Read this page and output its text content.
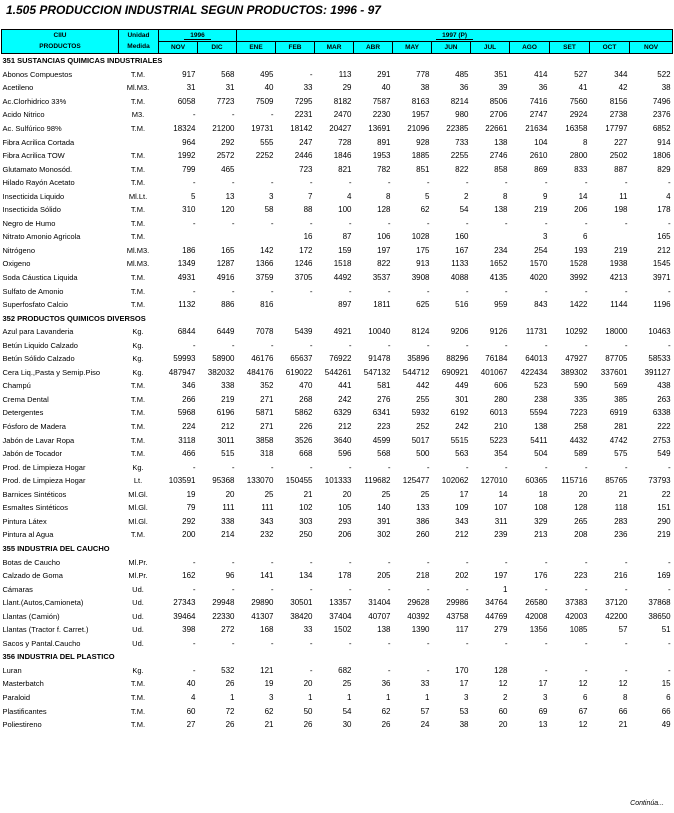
1.505 PRODUCCION INDUSTRIAL SEGUN PRODUCTOS: 1996 - 97
CIIU	Unidad	1996		1997 (P)										
PRODUCTOS	Medida	NOV	DIC	ENE	FEB	MAR	ABR	MAY	JUN	JUL	AGO	SET	OCT	NOV
351 SUSTANCIAS QUIMICAS INDUSTRIALES														
Abonos Compuestos	T.M.	917	568	495	-	113	291	778	485	351	414	527	344	522
Acetileno	Ml.M3.	31	31	40	33	29	40	38	36	39	36	41	42	38
Ac.Clorhidrico 33%	T.M.	6058	7723	7509	7295	8182	7587	8163	8214	8506	7416	7560	8156	7496
Acido Nitrico	M3.	-	-	-	2231	2470	2230	1957	980	2706	2747	2924	2738	2376
Ac. Sulfúrico 98%	T.M.	18324	21200	19731	18142	20427	13691	21096	22385	22661	21634	16358	17797	6852
Fibra Acrilica Cortada		964	292	555	247	728	891	928	733	138	104	8	227	914
Fibra Acrilica TOW	T.M.	1992	2572	2252	2446	1846	1953	1885	2255	2746	2610	2800	2502	1806
Glutamato Monosód.	T.M.	799	465		723	821	782	851	822	858	869	833	887	829
Hilado Rayón Acetato	T.M.	-	-	-	-	-	-	-	-	-	-	-	-	-
Insecticida Liquido	Ml.Lt.	5	13	3	7	4	8	5	2	8	9	14	11	4
Insecticida Sólido	T.M.	310	120	58	88	100	128	62	54	138	219	206	198	178
Negro de Humo	T.M.	-	-	-	-	-	-	-	-	-	-	-	-	-
Nitrato Amonio Agricola	T.M.				16	87	106	1028	160		3	6		165
Nitrógeno	Ml.M3.	186	165	142	172	159	197	175	167	234	254	193	219	212
Oxigeno	Ml.M3.	1349	1287	1366	1246	1518	822	913	1133	1652	1570	1528	1938	1545
Soda Cáustica Liquida	T.M.	4931	4916	3759	3705	4492	3537	3908	4088	4135	4020	3992	4213	3971
Sulfato de Amonio	T.M.	-	-	-	-	-	-	-	-	-	-	-	-	-
Superfosfato Calcio	T.M.	1132	886	816		897	1811	625	516	959	843	1422	1144	1196
352 PRODUCTOS QUIMICOS DIVERSOS														
Azul para Lavanderia	Kg.	6844	6449	7078	5439	4921	10040	8124	9206	9126	11731	10292	18000	10463
Betún Liquido Calzado	Kg.	-	-	-	-	-	-	-	-	-	-	-	-	-
Betún Sólido Calzado	Kg.	59993	58900	46176	65637	76922	91478	35896	88296	76184	64013	47927	87705	58533
Cera Liq.,Pasta y Semip.Piso	Kg.	487947	382032	484176	619022	544261	547132	544712	690921	401067	422434	389302	337601	391127
Champú	T.M.	346	338	352	470	441	581	442	449	606	523	590	569	438
Crema Dental	T.M.	266	219	271	268	242	276	255	301	280	238	335	385	263
Detergentes	T.M.	5968	6196	5871	5862	6329	6341	5932	6192	6013	5594	7223	6919	6338
Fósforo de Madera	T.M.	224	212	271	226	212	223	252	242	210	138	258	281	222
Jabón de Lavar Ropa	T.M.	3118	3011	3858	3526	3640	4599	5017	5515	5223	5411	4432	4742	2753
Jabón de Tocador	T.M.	466	515	318	668	596	568	500	563	354	504	589	575	549
Prod. de Limpieza Hogar	Kg.	-	-	-	-	-	-	-	-	-	-	-	-	-
Prod. de Limpieza Hogar	Lt.	103591	95368	133070	150455	101333	119682	125477	102062	127010	60365	115716	85765	73793
Barnices Sintéticos	Ml.Gl.	19	20	25	21	20	25	25	17	14	18	20	21	22
Esmaltes Sintéticos	Ml.Gl.	79	111	111	102	105	140	133	109	107	108	128	118	151
Pintura Látex	Ml.Gl.	292	338	343	303	293	391	386	343	311	329	265	283	290
Pintura al Agua	T.M.	200	214	232	250	206	302	260	212	239	213	208	236	219
355 INDUSTRIA DEL CAUCHO														
Botas de Caucho	Ml.Pr.	-	-	-	-	-	-	-	-	-	-	-	-	-
Calzado de Goma	Ml.Pr.	162	96	141	134	178	205	218	202	197	176	223	216	169
Cámaras	Ud.	-	-	-	-	-	-	-	-	1	-	-	-	-
Llant.(Autos,Camioneta)	Ud.	27343	29948	29890	30501	13357	31404	29628	29986	34764	26580	37383	37120	37868
Llantas (Camión)	Ud.	39464	22330	41307	38420	37404	40707	40392	43758	44769	42008	42003	42200	38650
Llantas (Tractor f. Carret.)	Ud.	398	272	168	33	1502	138	1390	117	279	1356	1085	57	51
Sacos y Pantal.Caucho	Ud.	-	-	-	-	-	-	-	-	-	-	-	-	-
356 INDUSTRIA DEL PLASTICO														
Luran	Kg.	-	532	121	-	682	-	-	170	128	-	-	-	-
Masterbatch	T.M.	40	26	19	20	25	36	33	17	12	17	12	12	15
Paraloid	T.M.	4	1	3	1	1	1	1	3	2	3	6	8	6
Plastificantes	T.M.	60	72	62	50	54	62	57	53	60	69	67	66	66
Poliestireno	T.M.	27	26	21	26	30	26	24	38	20	13	12	21	49
Continúa...
